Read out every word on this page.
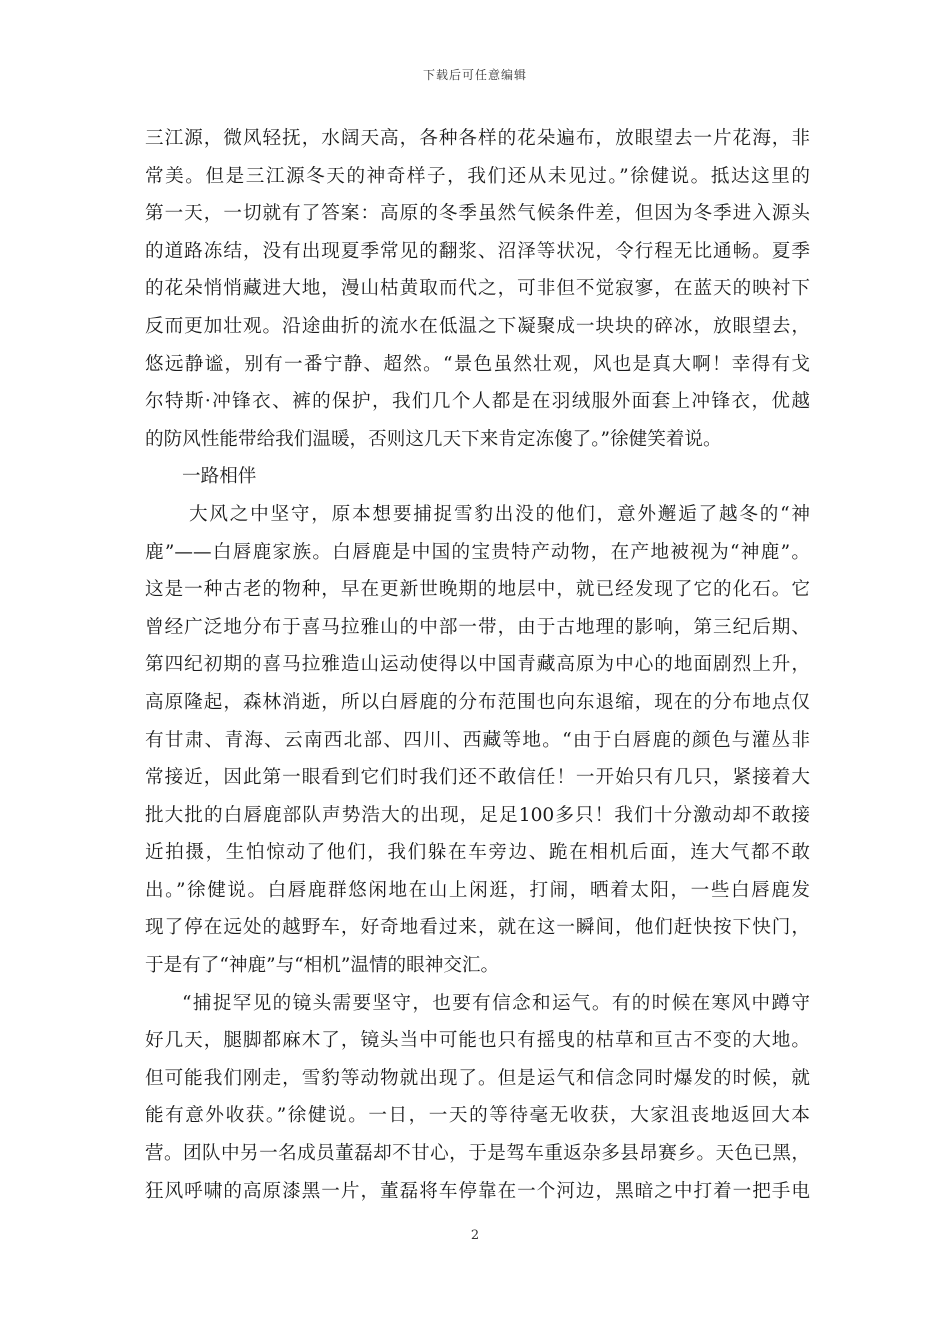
下载后可任意编辑
三江源，微风轻抚，水阔天高，各种各样的花朵遍布，放眼望去一片花海，非
常美。但是三江源冬天的神奇样子，我们还从未见过。”徐健说。抵达这里的
第一天，一切就有了答案：高原的冬季虽然气候条件差，但因为冬季进入源头
的道路冻结，没有出现夏季常见的翻浆、沼泽等状况，令行程无比通畅。夏季
的花朵悄悄藏进大地，漫山枯黄取而代之，可非但不觉寂寥，在蓝天的映衬下
反而更加壮观。沿途曲折的流水在低温之下凝聚成一块块的碎冰，放眼望去，
悠远静谧，别有一番宁静、超然。“景色虽然壮观，风也是真大啊！幸得有戈
尔特斯·冲锋衣、裤的保护，我们几个人都是在羽绒服外面套上冲锋衣，优越
的防风性能带给我们温暖，否则这几天下来肯定冻傻了。”徐健笑着说。
一路相伴
大风之中坚守，原本想要捕捉雪豹出没的他们，意外邂逅了越冬的“神
鹿”——白唇鹿家族。白唇鹿是中国的宝贵特产动物，在产地被视为“神鹿”。
这是一种古老的物种，早在更新世晚期的地层中，就已经发现了它的化石。它
曾经广泛地分布于喜马拉雅山的中部一带，由于古地理的影响，第三纪后期、
第四纪初期的喜马拉雅造山运动使得以中国青藏高原为中心的地面剧烈上升，
高原隆起，森林消逝，所以白唇鹿的分布范围也向东退缩，现在的分布地点仅
有甘肃、青海、云南西北部、四川、西藏等地。“由于白唇鹿的颜色与灌丛非
常接近，因此第一眼看到它们时我们还不敢信任！一开始只有几只，紧接着大
批大批的白唇鹿部队声势浩大的出现，足足100多只！我们十分激动却不敢接
近拍摄，生怕惊动了他们，我们躲在车旁边、跪在相机后面，连大气都不敢
出。”徐健说。白唇鹿群悠闲地在山上闲逛，打闹，晒着太阳，一些白唇鹿发
现了停在远处的越野车，好奇地看过来，就在这一瞬间，他们赶快按下快门，
于是有了“神鹿”与“相机”温情的眼神交汇。
“捕捉罕见的镜头需要坚守，也要有信念和运气。有的时候在寒风中蹲守
好几天，腿脚都麻木了，镜头当中可能也只有摇曳的枯草和亘古不变的大地。
但可能我们刚走，雪豹等动物就出现了。但是运气和信念同时爆发的时候，就
能有意外收获。”徐健说。一日，一天的等待毫无收获，大家沮丧地返回大本
营。团队中另一名成员董磊却不甘心，于是驾车重返杂多县昂赛乡。天色已黑，
狂风呼啸的高原漆黑一片，董磊将车停靠在一个河边，黑暗之中打着一把手电
2
